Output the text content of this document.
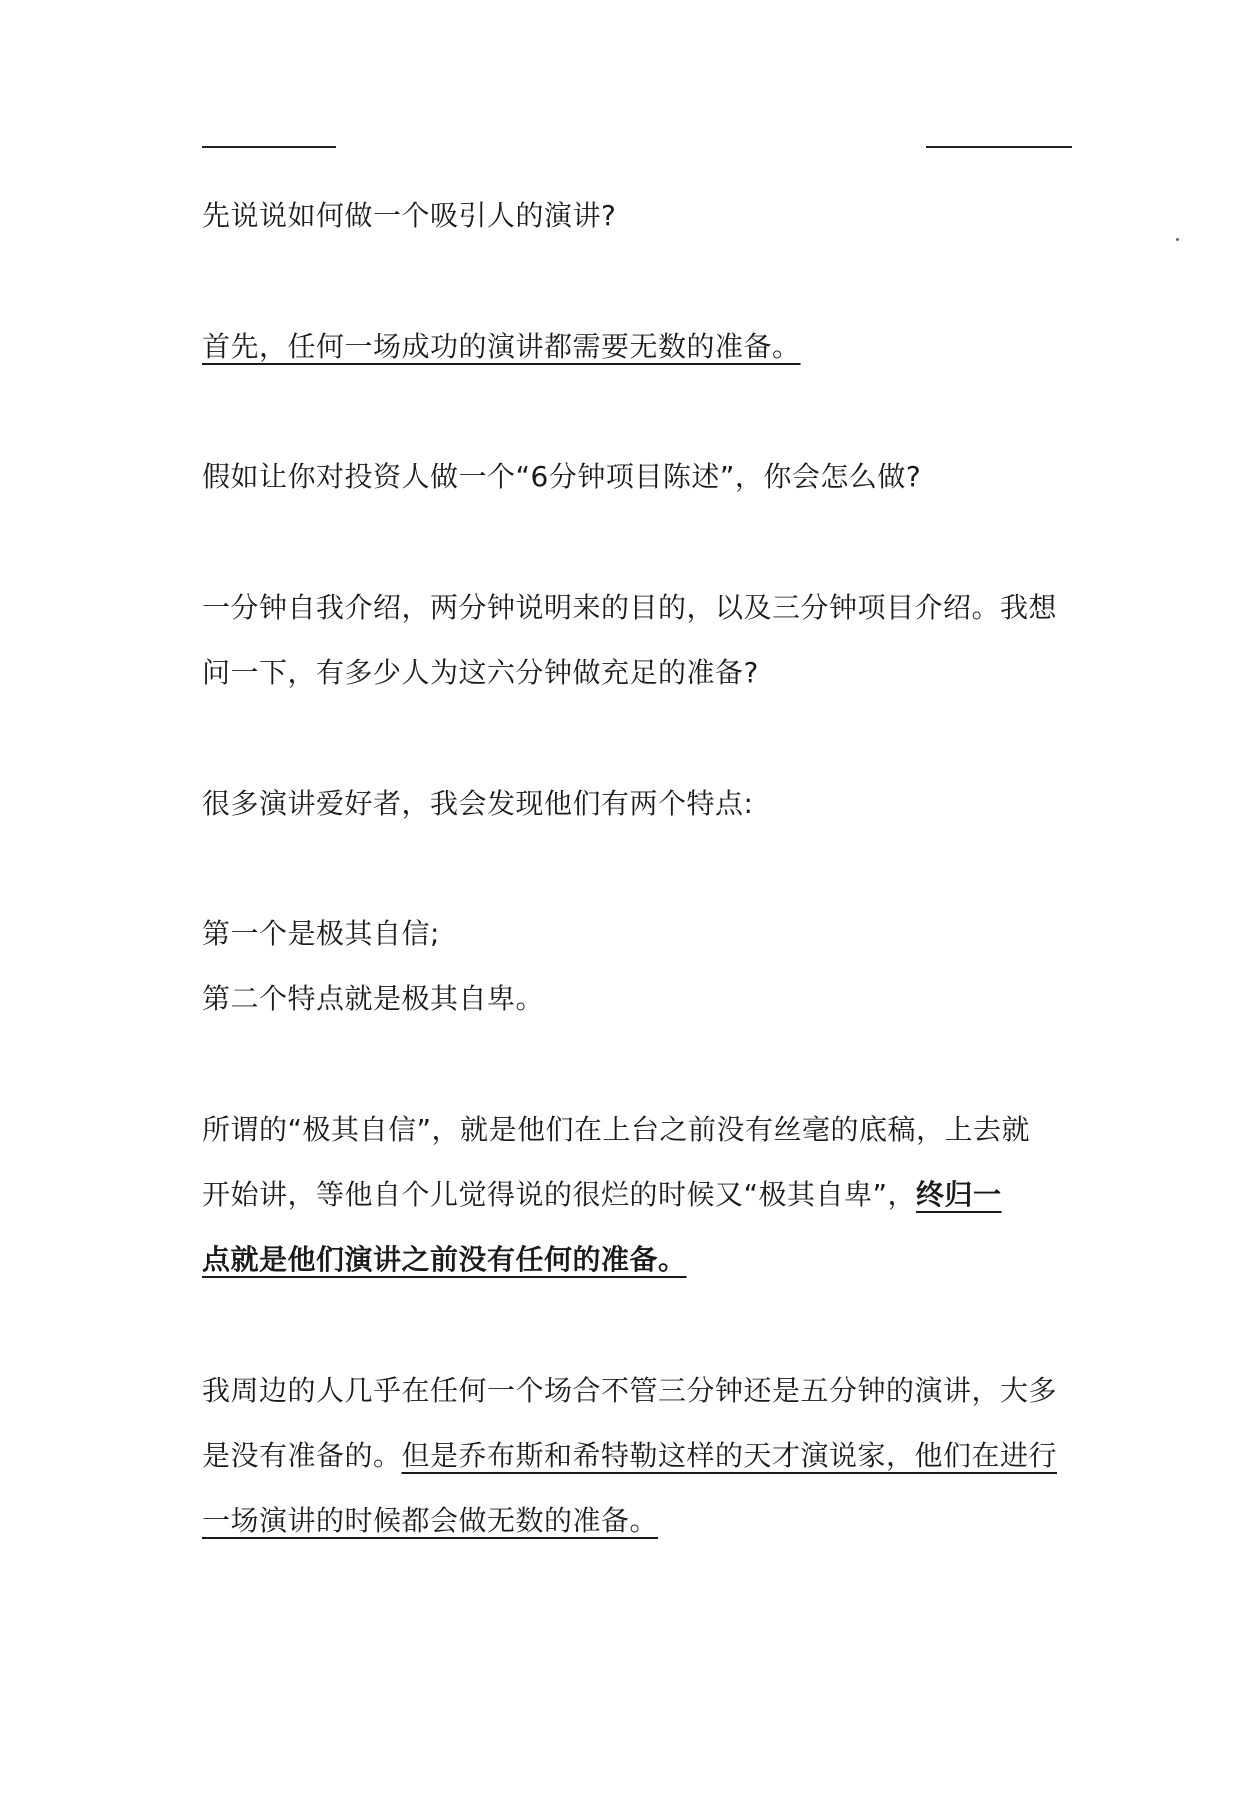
先说说如何做一个吸引人的演讲?
首先，任何一场成功的演讲都需要无数的准备。
假如让你对投资人做一个“6分钟项目陈述”，你会怎么做?
一分钟自我介绍，两分钟说明来的目的，以及三分钟项目介绍。我想
问一下，有多少人为这六分钟做充足的准备?
很多演讲爱好者，我会发现他们有两个特点:
第一个是极其自信;
第二个特点就是极其自卑。
所谓的“极其自信”，就是他们在上台之前没有丝毫的底稿，上去就
开始讲，等他自个儿觉得说的很烂的时候又“极其自卑”，终归一
点就是他们演讲之前没有任何的准备。
我周边的人几乎在任何一个场合不管三分钟还是五分钟的演讲，大多
是没有准备的。但是乔布斯和希特勒这样的天才演说家，他们在进行
一场演讲的时候都会做无数的准备。
